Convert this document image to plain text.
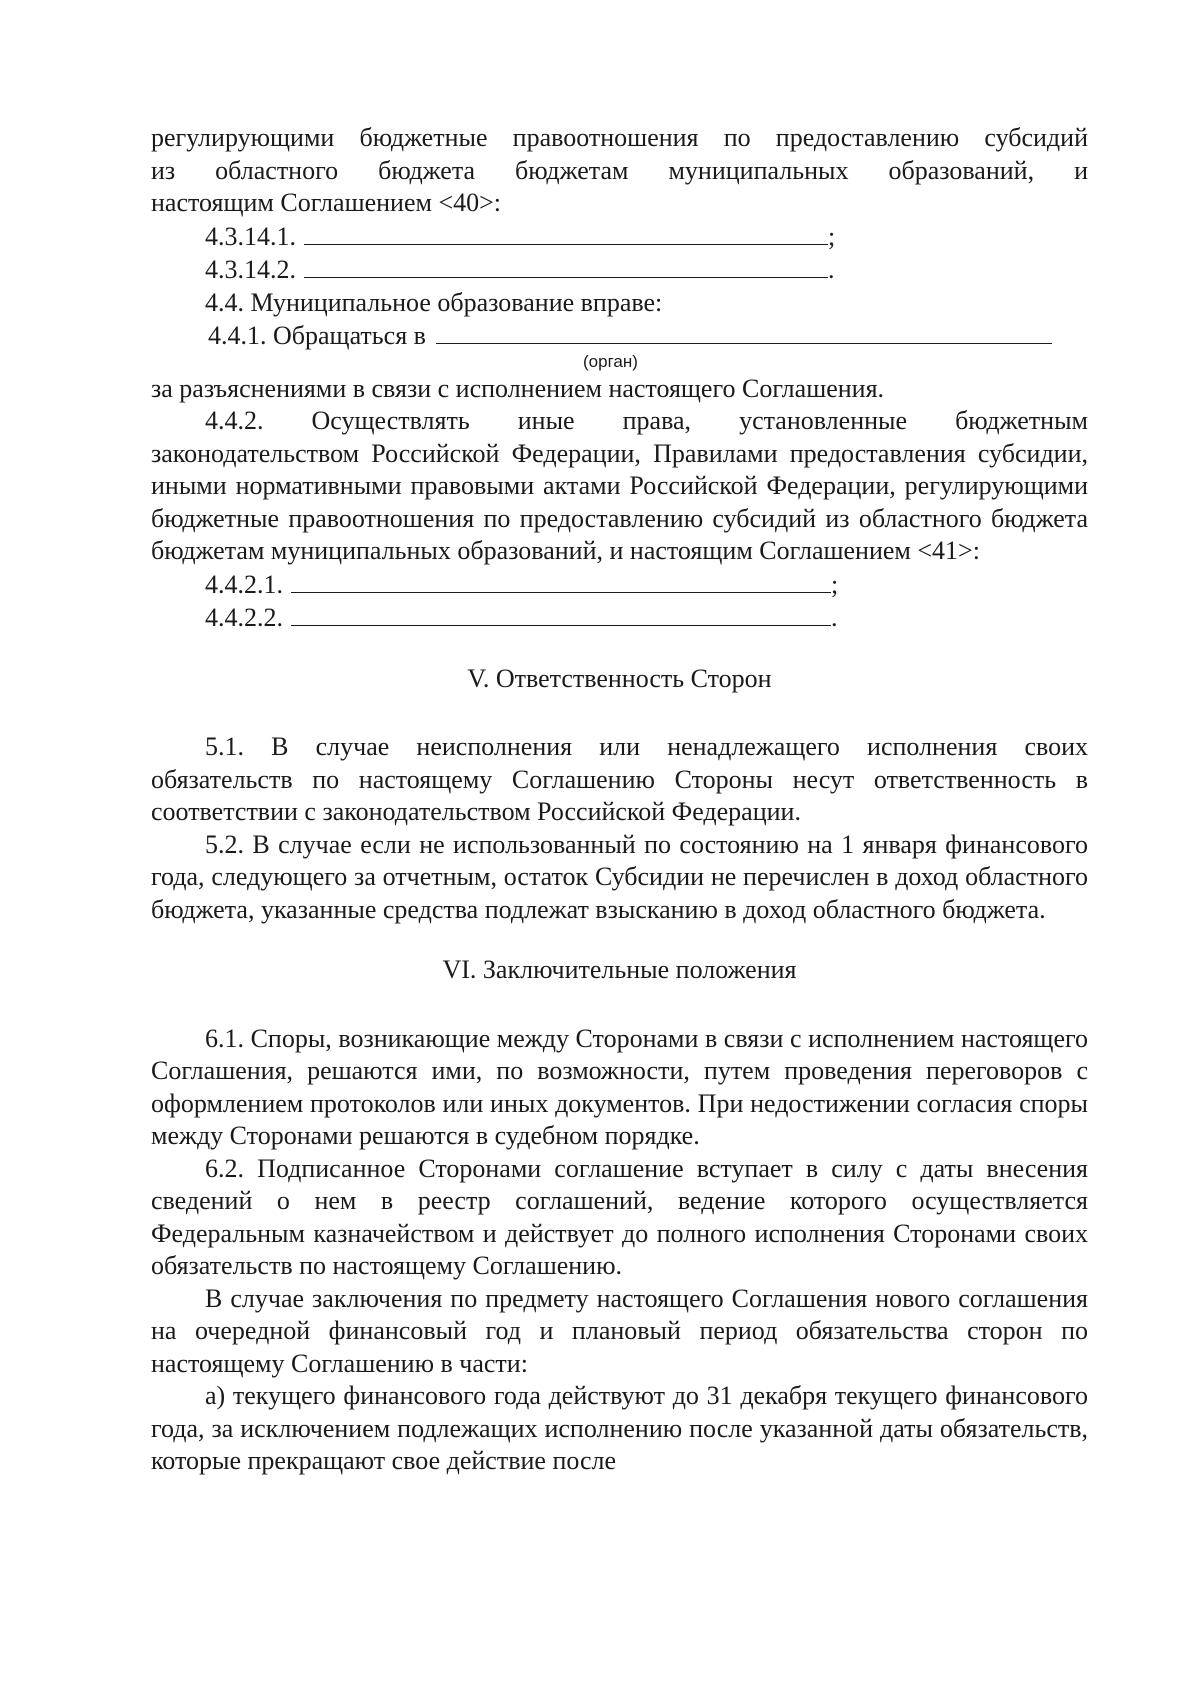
регулирующими бюджетные правоотношения по предоставлению субсидий

из областного бюджета бюджетам муниципальных образований, и

настоящим Соглашением <40>:

4.3.14.1.	;
4.3.14.2.	.

4.4. Муниципальное образование вправе:

4.4.1. Обращаться в
(орган)

за разъяснениями в связи с исполнением настоящего Соглашения.

4.4.2. Осуществлять иные права, установленные бюджетным законодательством Российской Федерации, Правилами предоставления субсидии, иными нормативными правовыми актами Российской Федерации, регулирующими бюджетные правоотношения по предоставлению субсидий из областного бюджета бюджетам муниципальных образований, и настоящим Соглашением <41>:

4.4.2.1.	;
4.4.2.2.	.

V. Ответственность Сторон

5.1. В случае неисполнения или ненадлежащего исполнения своих обязательств по настоящему Соглашению Стороны несут ответственность в соответствии с законодательством Российской Федерации.

5.2. В случае если не использованный по состоянию на 1 января финансового года, следующего за отчетным, остаток Субсидии не перечислен в доход областного бюджета, указанные средства подлежат взысканию в доход областного бюджета.

VI. Заключительные положения

6.1. Споры, возникающие между Сторонами в связи с исполнением настоящего Соглашения, решаются ими, по возможности, путем проведения переговоров с оформлением протоколов или иных документов. При недостижении согласия споры между Сторонами решаются в судебном порядке.

6.2. Подписанное Сторонами соглашение вступает в силу с даты внесения сведений о нем в реестр соглашений, ведение которого осуществляется Федеральным казначейством и действует до полного исполнения Сторонами своих обязательств по настоящему Соглашению.

В случае заключения по предмету настоящего Соглашения нового соглашения на очередной финансовый год и плановый период обязательства сторон по настоящему Соглашению в части:

а) текущего финансового года действуют до 31 декабря текущего финансового года, за исключением подлежащих исполнению после указанной даты обязательств, которые прекращают свое действие после
